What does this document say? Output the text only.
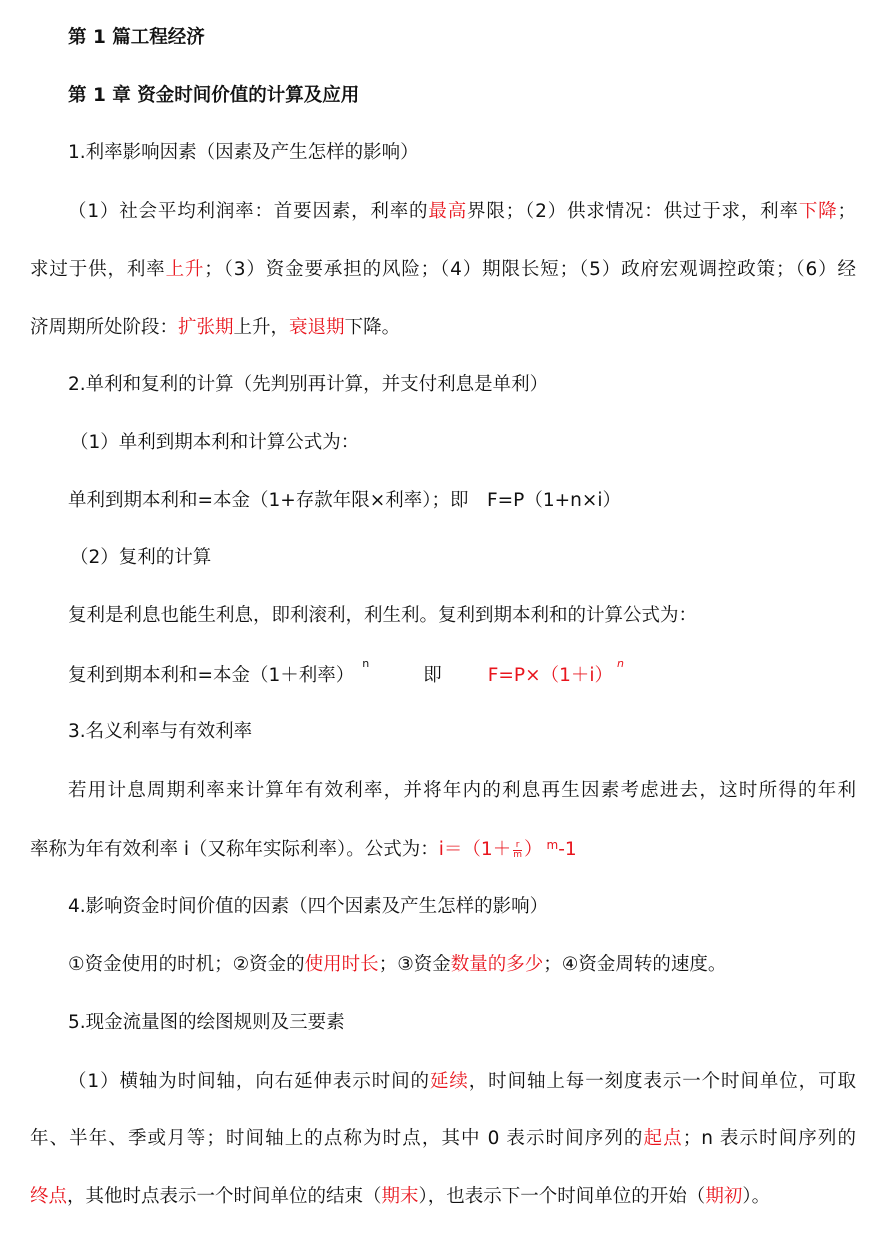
第 1 篇工程经济
第 1 章 资金时间价值的计算及应用
1.利率影响因素（因素及产生怎样的影响）
（1）社会平均利润率：首要因素，利率的最高界限；（2）供求情况：供过于求，利率下降；
求过于供，利率上升；（3）资金要承担的风险；（4）期限长短；（5）政府宏观调控政策；（6）经
济周期所处阶段：扩张期上升，衰退期下降。
2.单利和复利的计算（先判别再计算，并支付利息是单利）
（1）单利到期本利和计算公式为：
单利到期本利和=本金（1+存款年限×利率）；即　F=P（1+n×i）
（2）复利的计算
复利是利息也能生利息，即利滚利，利生利。复利到期本利和的计算公式为：
复利到期本利和=本金（1＋利率）$^n$即 $F=P\times(1+i)^n$
3.名义利率与有效利率
若用计息周期利率来计算年有效利率，并将年内的利息再生因素考虑进去，这时所得的年利
率称为年有效利率 i（又称年实际利率）。公式为：$i=(1+ \frac{r}{m}$ ） $^m$-1
4.影响资金时间价值的因素（四个因素及产生怎样的影响）
①资金使用的时机；②资金的使用时长；③资金数量的多少；④资金周转的速度。
5.现金流量图的绘图规则及三要素
（1）横轴为时间轴，向右延伸表示时间的延续，时间轴上每一刻度表示一个时间单位，可取
年、半年、季或月等；时间轴上的点称为时点，其中 0 表示时间序列的起点；n 表示时间序列的
终点，其他时点表示一个时间单位的结束（期末），也表示下一个时间单位的开始（期初）。
